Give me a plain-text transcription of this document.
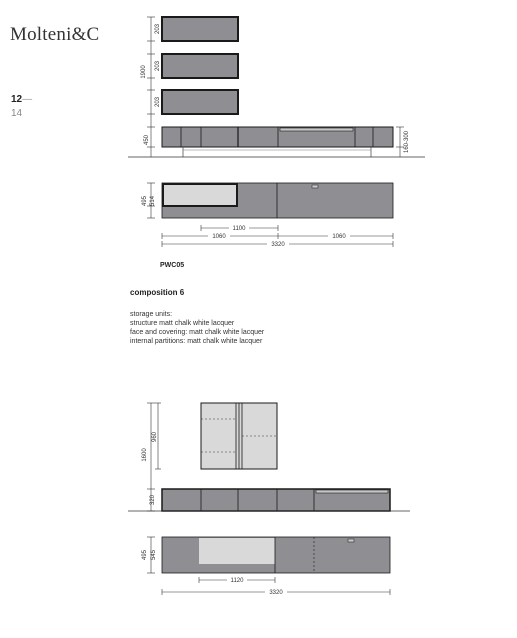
Molteni&C
12—
14
203
203
203
1900
450	160-300
495 514
1100
1060	1060
3320
1600
960
320
495 545
1120
3320
PWC05
composition 6
storage units:
structure matt chalk white lacquer
face and covering: matt chalk white lacquer
internal partitions: matt chalk white lacquer
